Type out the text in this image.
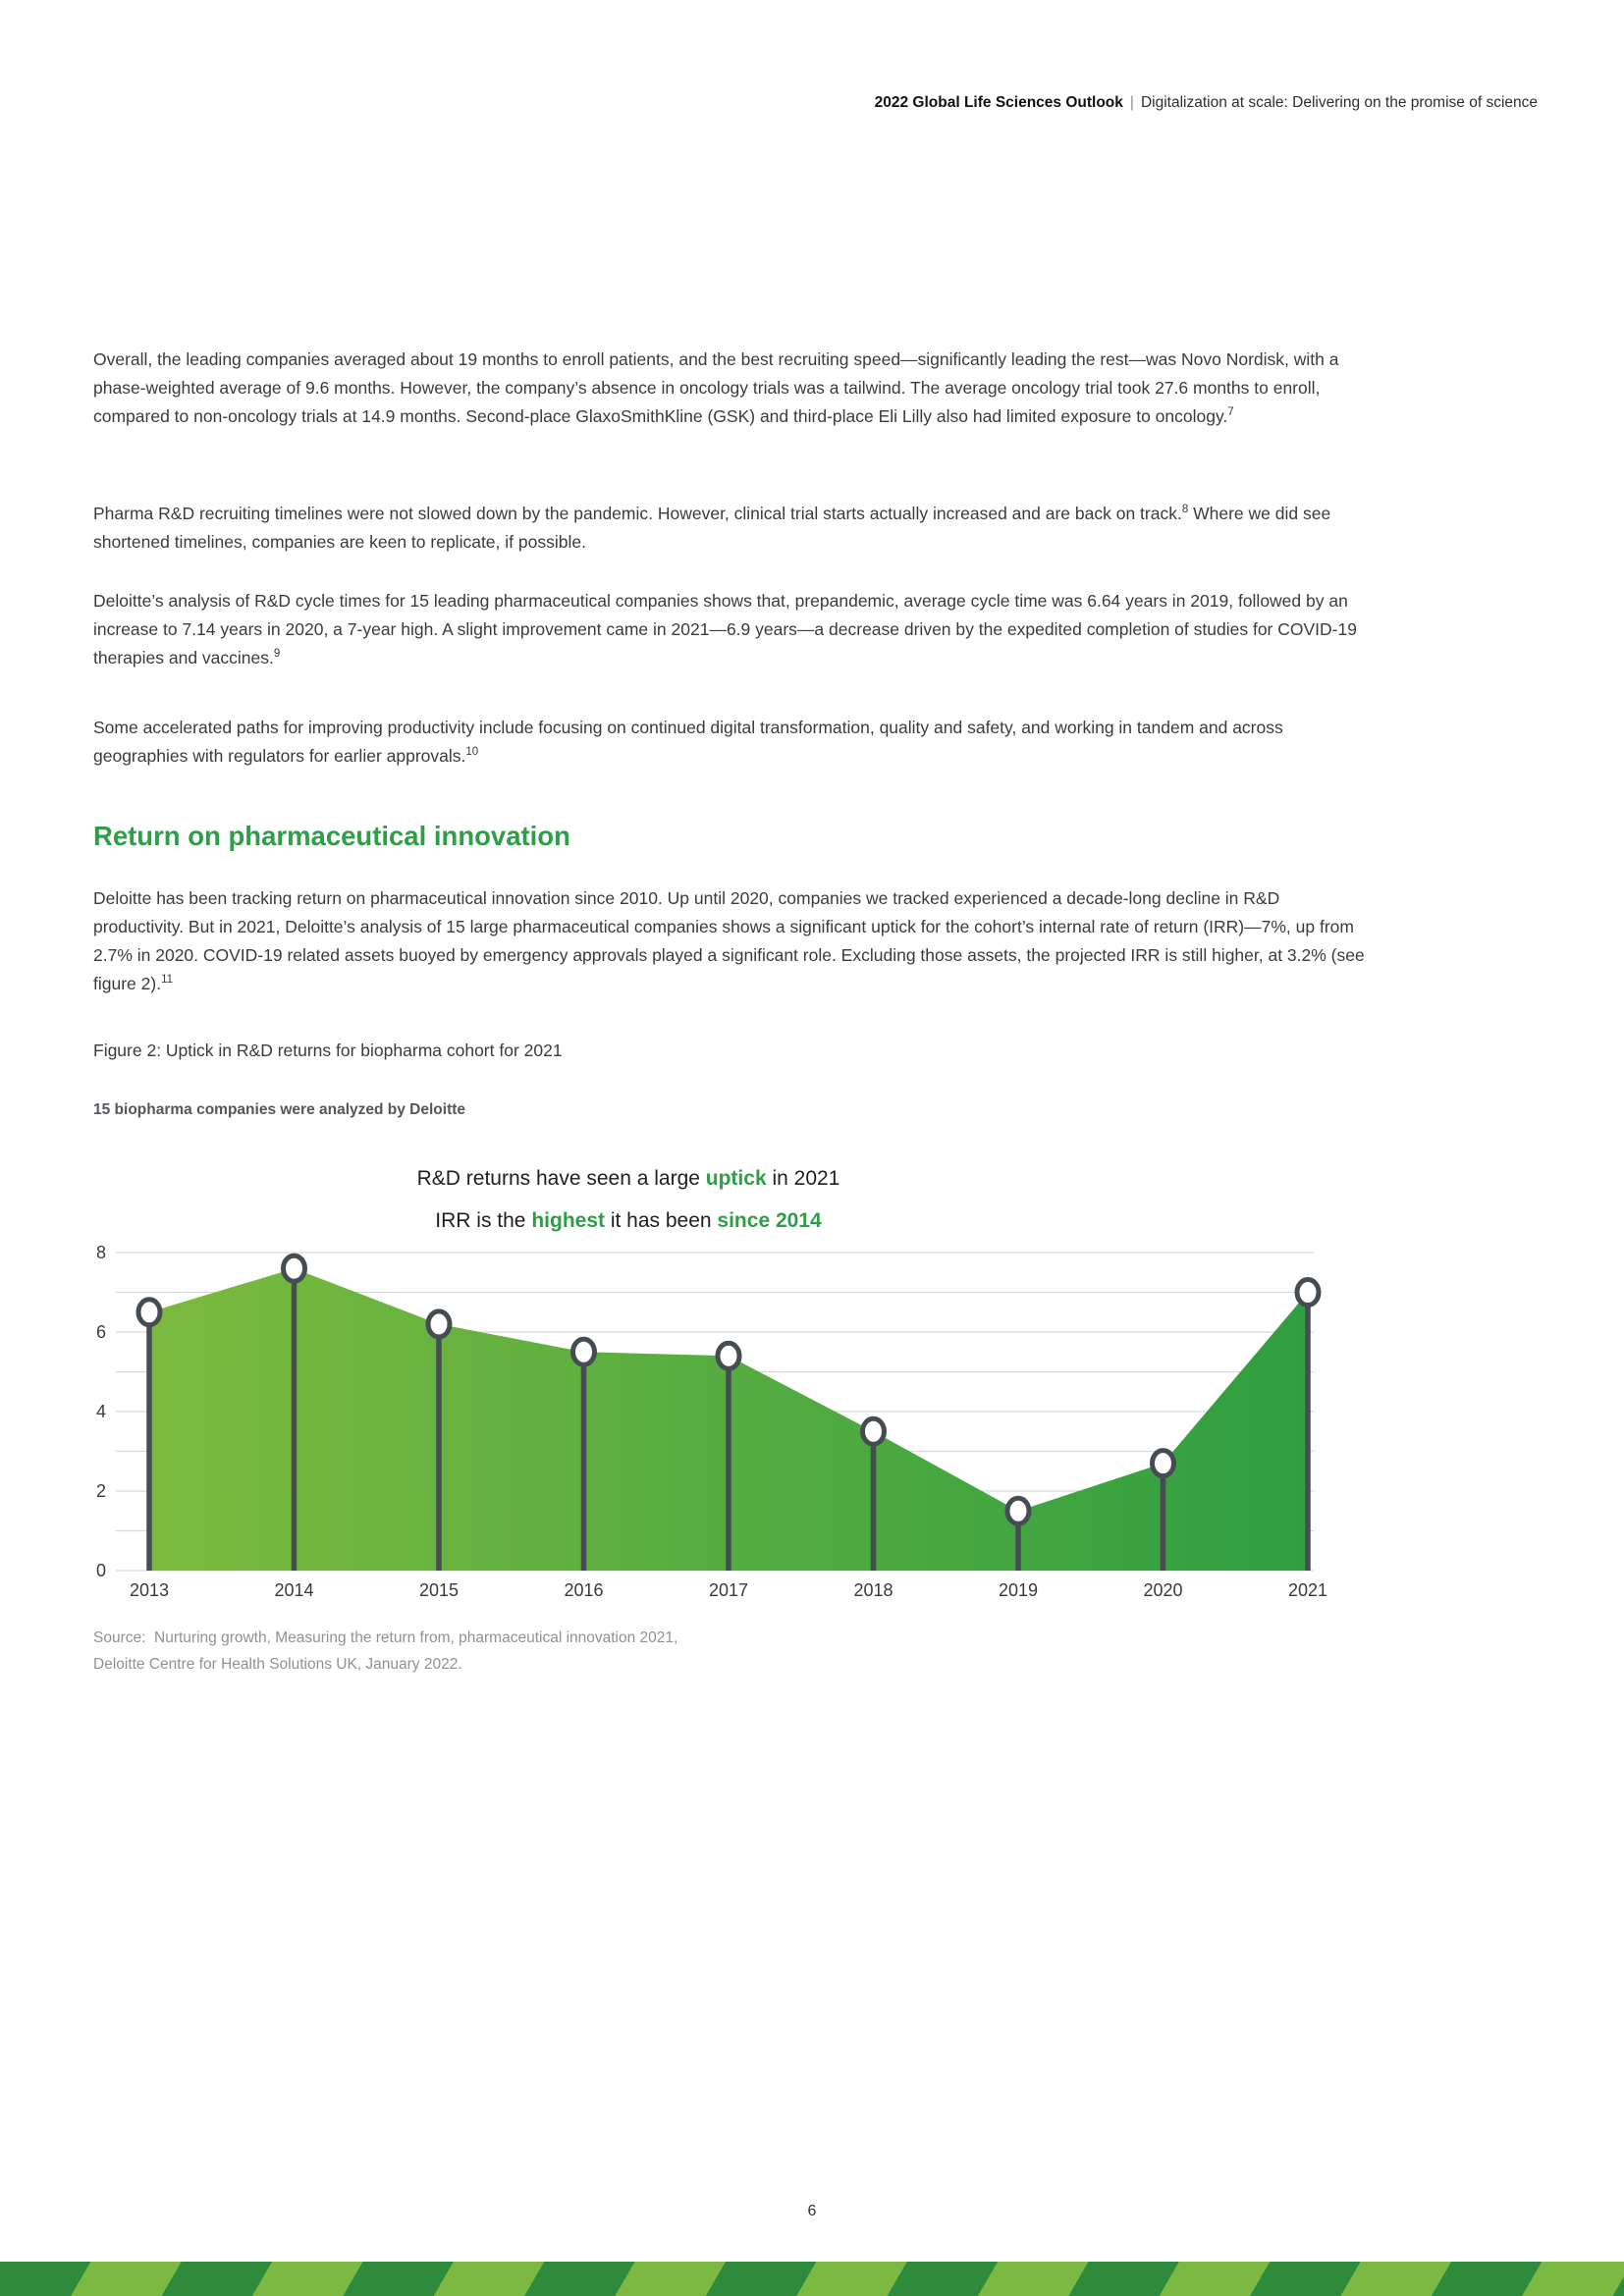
2022 Global Life Sciences Outlook | Digitalization at scale: Delivering on the promise of science
Overall, the leading companies averaged about 19 months to enroll patients, and the best recruiting speed—significantly leading the rest—was Novo Nordisk, with a phase-weighted average of 9.6 months. However, the company’s absence in oncology trials was a tailwind. The average oncology trial took 27.6 months to enroll, compared to non-oncology trials at 14.9 months. Second-place GlaxoSmithKline (GSK) and third-place Eli Lilly also had limited exposure to oncology.$^7$
Pharma R&D recruiting timelines were not slowed down by the pandemic. However, clinical trial starts actually increased and are back on track.$^8$ Where we did see shortened timelines, companies are keen to replicate, if possible.
Deloitte’s analysis of R&D cycle times for 15 leading pharmaceutical companies shows that, prepandemic, average cycle time was 6.64 years in 2019, followed by an increase to 7.14 years in 2020, a 7-year high. A slight improvement came in 2021—6.9 years—a decrease driven by the expedited completion of studies for COVID-19 therapies and vaccines.$^9$
Some accelerated paths for improving productivity include focusing on continued digital transformation, quality and safety, and working in tandem and across geographies with regulators for earlier approvals.$^{10}$
Return on pharmaceutical innovation
Deloitte has been tracking return on pharmaceutical innovation since 2010. Up until 2020, companies we tracked experienced a decade-long decline in R&D productivity. But in 2021, Deloitte’s analysis of 15 large pharmaceutical companies shows a significant uptick for the cohort’s internal rate of return (IRR)—7%, up from 2.7% in 2020. COVID-19 related assets buoyed by emergency approvals played a significant role. Excluding those assets, the projected IRR is still higher, at 3.2% (see figure 2).$^{11}$
Figure 2: Uptick in R&D returns for biopharma cohort for 2021
15 biopharma companies were analyzed by Deloitte
R&D returns have seen a large uptick in 2021
IRR is the highest it has been since 2014
0
2
4
6
8
2013	2014	2015	2016	2017	2018	2019	2020	2021
Source:  Nurturing growth, Measuring the return from, pharmaceutical innovation 2021,
Deloitte Centre for Health Solutions UK, January 2022.
6
